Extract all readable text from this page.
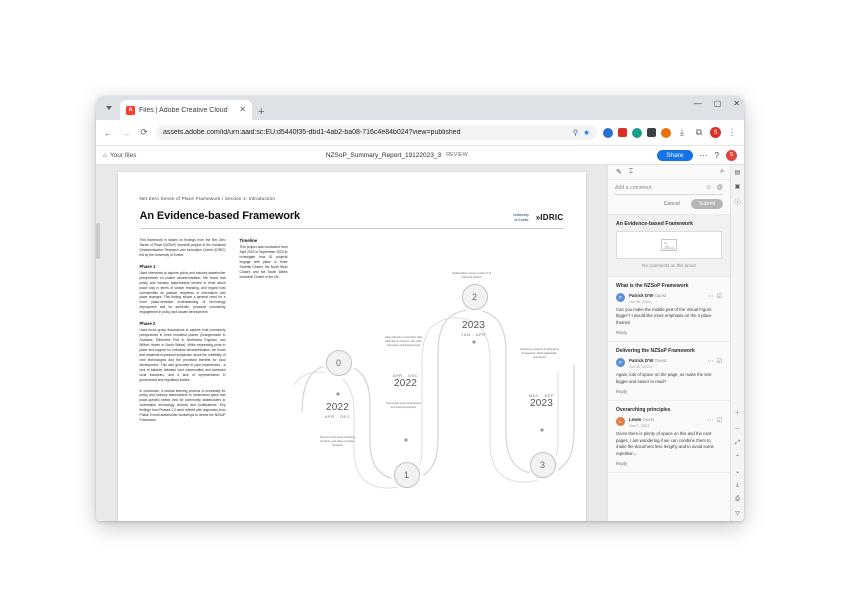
A Files | Adobe Creative Cloud	✕ +
— ▢ ✕
← → ⟳	assets.adobe.com/id/urn:aaid:sc:EU:d5440f35-dbd1-4ab2-ba08-716c4e84b024?view=published	⚲ ★	⤓	⧉	S	⋮
⌂ Your files	NZSoP_Summary_Report_19122023_3 REVIEW	Share	⋯ ?	S
Net Zero Sense of Place Framework / Section 1: Introduction
An Evidence-based Framework	University
of Exeter » IDRIC
This framework is based on findings from the Net Zero Sense of Place (NZSoP) research project of the Industrial Decarbonisation Research and Innovation Centre (IDRIC) led by the University of Exeter.
Phase 1
Used interviews to capture policy and industry stakeholder perspectives on cluster decarbonisation. We found that policy and industry stakeholders tended to think about place only in terms of cluster branding, and regard host communities as passive recipients of information and place changes. This finding shows a general need for a more place-sensitive understanding of technology deployment and for authentic, proactive community engagement in policy and cluster development.
Phase 2
Used focus group discussions to capture host community perspectives in three industrial places (Grangemouth in Scotland, Ellesmere Port in Northwest England, and Milford Haven in South Wales). While expressing pride in place and support for industrial decarbonisation, we found that residents expressed scepticism about the credibility of new technologies and the promised benefits for local development. This was grounded in past experiences - a lack of balance between host communities and dominant local industries, and a lack of representation in government and regulatory bodies.
In conclusion, a mutual learning process is necessary for policy and industry stakeholders to understand place and place-specific needs, and for community stakeholders to understand technology choices and justifications. Key findings from Phases 1-2 were refined with responses from Phase 3 multi-stakeholder workshops to devise the NZSoP Framework.
Timeline
This project was conducted from April 2022 to September 2023 to investigate how ID projects engage with place in three Scottish Cluster, the North West Cluster, and the South Wales Industrial Cluster in the UK.
0
1
2
3
2022
APR - DEC
APR - DEC
2022
2023
JAN - APR
MAY - SEP
2023
Review of the place branding literature and place-sensitive literature
Data collection: secondary data collection & analysis, site visits, interviews and assessments
Stakeholders' sense of place in 3 industrial clusters
Synthesis, analysis & integrating Framework: Multi-stakeholder workshops
Community lives experiences and lived perceptions
✎ ⌶	⌕
Add a comment	☺ @
Cancel	Submit
An Evidence-based Framework
No comments on this annot
What is the NZSoP Framework
P	Patrick D'W Guest
Oct 30, 2024
⋯ ☑
Can you make the middle part of the Visual Figure bigger? I would like more emphasis on the 4 place themes
Reply
Delivering the NZSoP Framework
P	Patrick D'W Guest
Oct 30, 2024
⋯ ☑
Again, lots of space on the page, so make the text bigger and easier to read?
Reply
Overarching principles
L	Lewis Guest
Nov 1, 2024
⋯ ☑
Given there is plenty of space on this and the next pages, I am wondering if we can combine them to make the document less lengthy and to avoid some repetition...
Reply
▤
▣
ⓘ
＋
－
⤢
⌃
⌄
⤓
⎙
▽
